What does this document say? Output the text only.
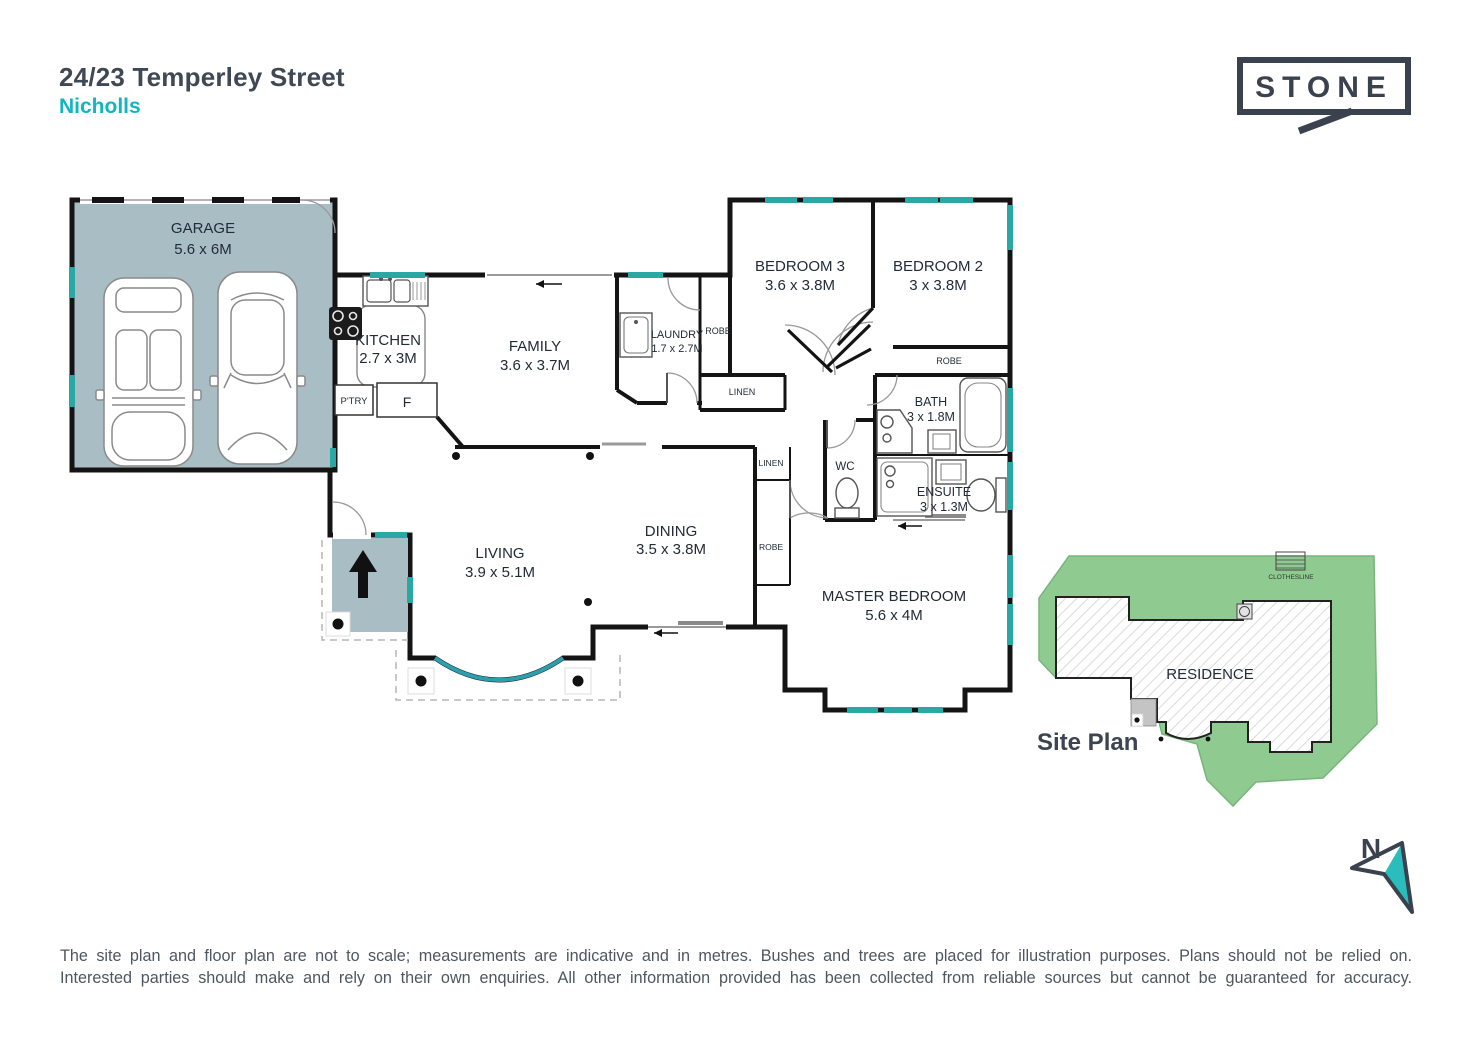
24/23 Temperley Street
Nicholls
Site Plan
STONE
GARAGE
5.6 x 6M
P'TRY	F
KITCHEN
2.7 x 3M
FAMILY
3.6 x 3.7M
LAUNDRY
1.7 x 2.7M
ROBE
LINEN
BEDROOM 3
3.6 x 3.8M
BEDROOM 2
3 x 3.8M
ROBE
BATH
3 x 1.8M
WC
ENSUITE
3 x 1.3M
LINEN
ROBE
LIVING
3.9 x 5.1M
DINING
3.5 x 3.8M
MASTER BEDROOM
5.6 x 4M
CLOTHESLINE
RESIDENCE
N
The site plan and floor plan are not to scale; measurements are indicative and in metres. Bushes and trees are placed for illustration purposes. Plans should not be relied on.
Interested parties should make and rely on their own enquiries. All other information provided has been collected from reliable sources but cannot be guaranteed for accuracy.
